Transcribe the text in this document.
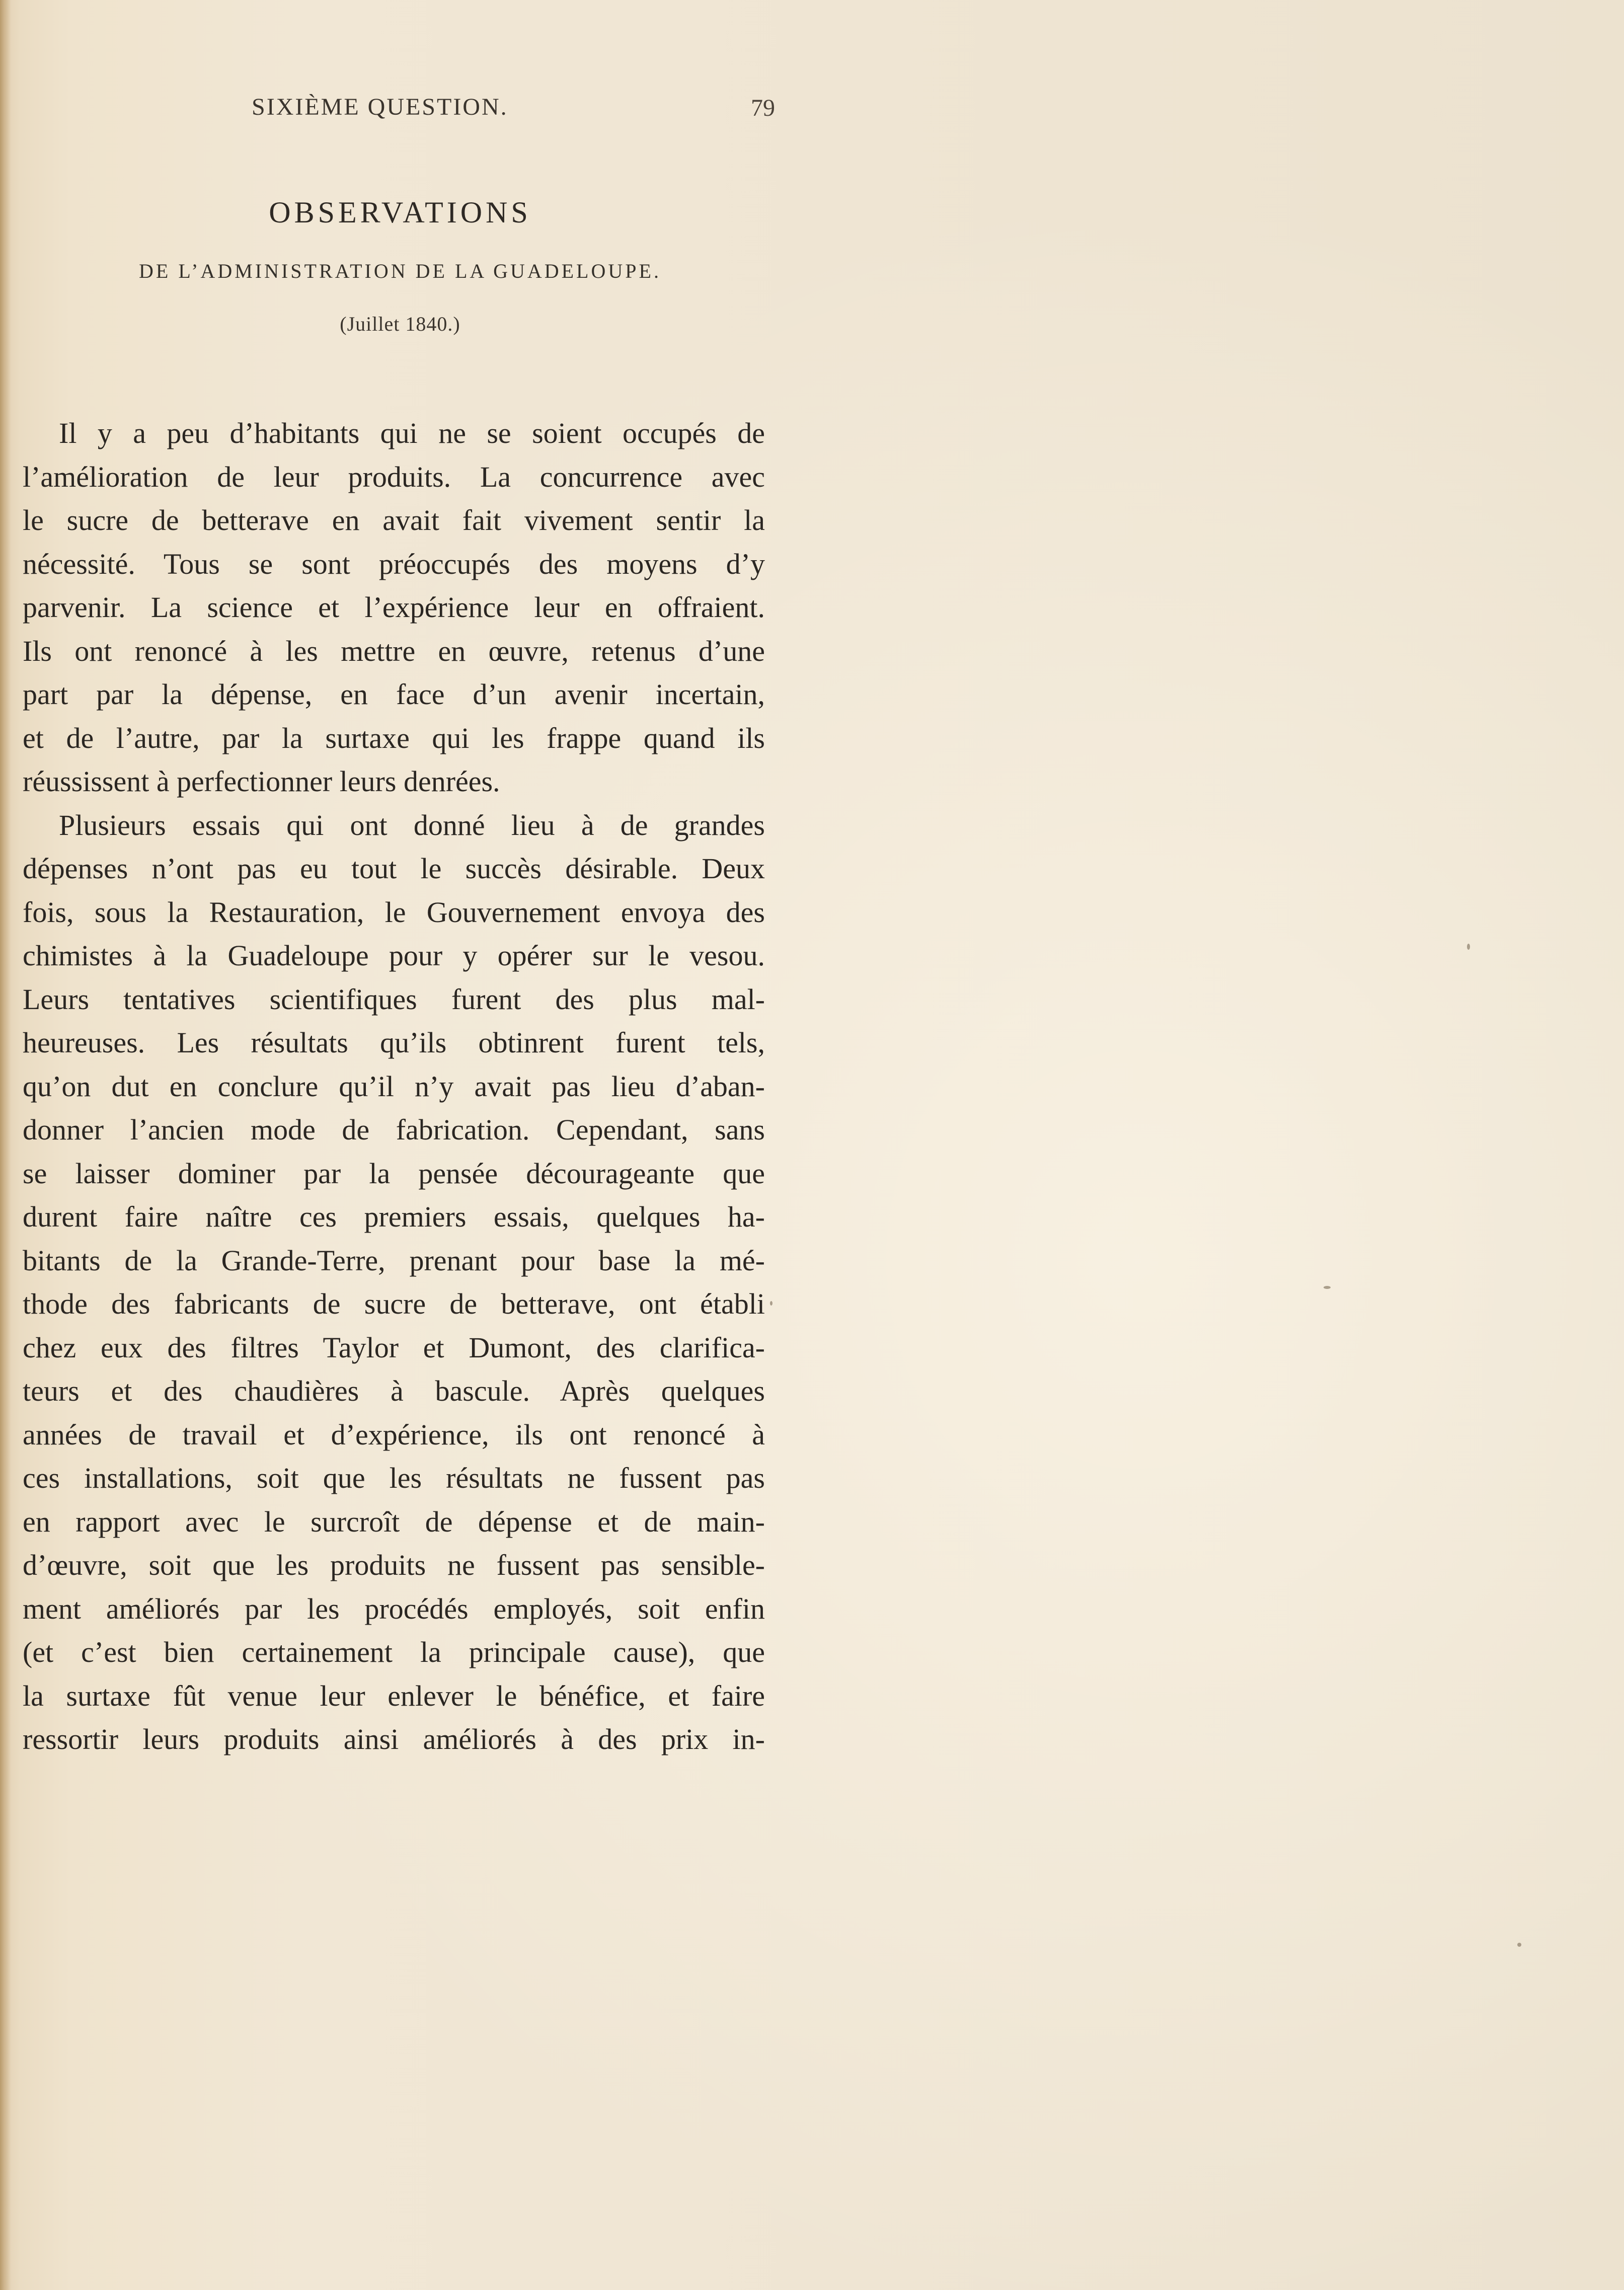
SIXIÈME QUESTION.	79
OBSERVATIONS
DE L’ADMINISTRATION DE LA GUADELOUPE.
(Juillet 1840.)
Il y a peu d’habitants qui ne se soient occupés de
l’amélioration de leur produits. La concurrence avec
le sucre de betterave en avait fait vivement sentir la
nécessité. Tous se sont préoccupés des moyens d’y
parvenir. La science et l’expérience leur en offraient.
Ils ont renoncé à les mettre en œuvre, retenus d’une
part par la dépense, en face d’un avenir incertain,
et de l’autre, par la surtaxe qui les frappe quand ils
réussissent à perfectionner leurs denrées.
Plusieurs essais qui ont donné lieu à de grandes
dépenses n’ont pas eu tout le succès désirable. Deux
fois, sous la Restauration, le Gouvernement envoya des
chimistes à la Guadeloupe pour y opérer sur le vesou.
Leurs tentatives scientifiques furent des plus mal-
heureuses. Les résultats qu’ils obtinrent furent tels,
qu’on dut en conclure qu’il n’y avait pas lieu d’aban-
donner l’ancien mode de fabrication. Cependant, sans
se laisser dominer par la pensée décourageante que
durent faire naître ces premiers essais, quelques ha-
bitants de la Grande-Terre, prenant pour base la mé-
thode des fabricants de sucre de betterave, ont établi
chez eux des filtres Taylor et Dumont, des clarifica-
teurs et des chaudières à bascule. Après quelques
années de travail et d’expérience, ils ont renoncé à
ces installations, soit que les résultats ne fussent pas
en rapport avec le surcroît de dépense et de main-
d’œuvre, soit que les produits ne fussent pas sensible-
ment améliorés par les procédés employés, soit enfin
(et c’est bien certainement la principale cause), que
la surtaxe fût venue leur enlever le bénéfice, et faire
ressortir leurs produits ainsi améliorés à des prix in-
